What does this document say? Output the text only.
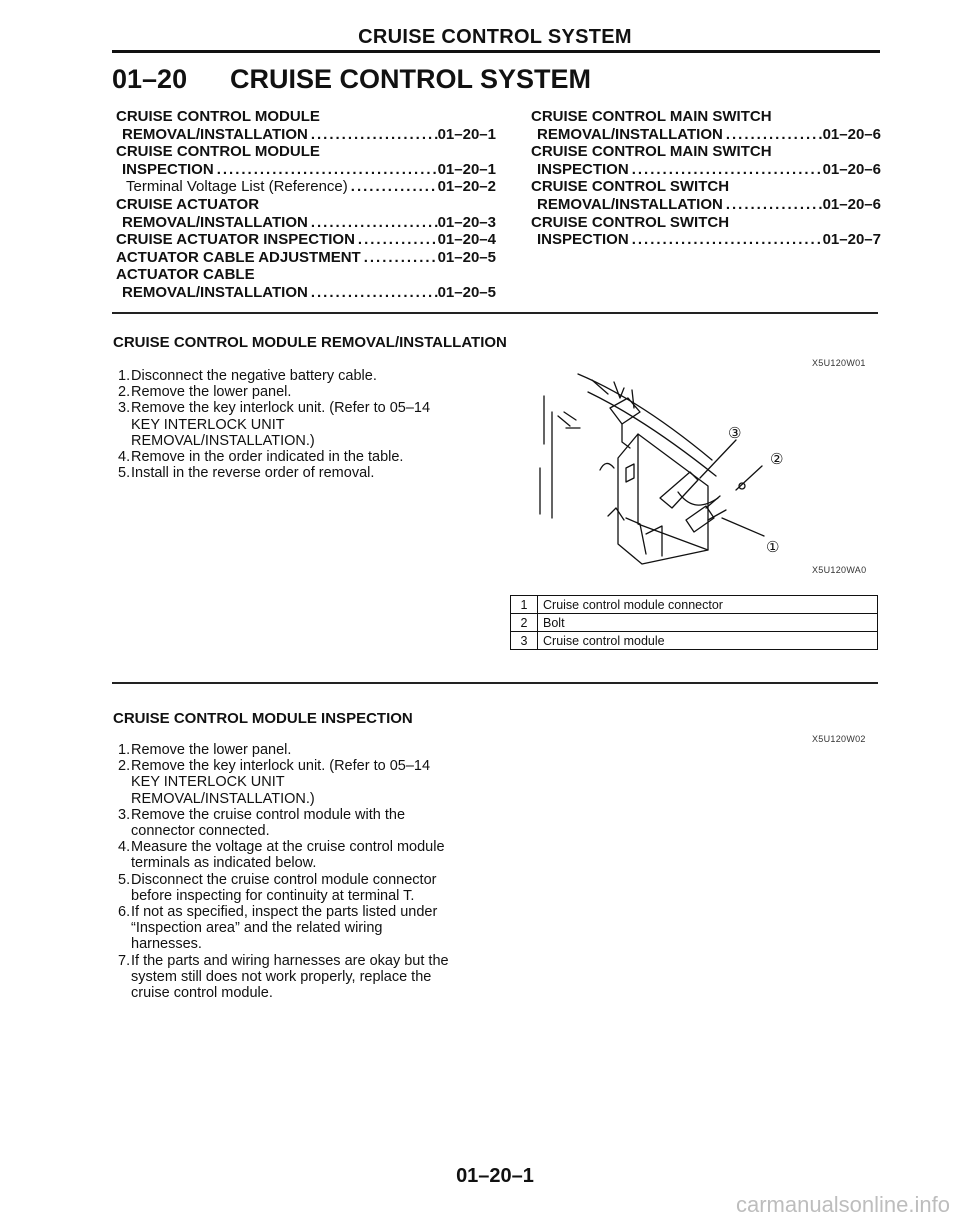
CRUISE CONTROL SYSTEM
01–20 CRUISE CONTROL SYSTEM
CRUISE CONTROL MODULE
REMOVAL/INSTALLATION .....	01–20–1
CRUISE CONTROL MODULE
INSPECTION .....	01–20–1
Terminal Voltage List (Reference) .....	01–20–2
CRUISE ACTUATOR
REMOVAL/INSTALLATION .....	01–20–3
CRUISE ACTUATOR INSPECTION .....	01–20–4
ACTUATOR CABLE ADJUSTMENT .....	01–20–5
ACTUATOR CABLE
REMOVAL/INSTALLATION .....	01–20–5
CRUISE CONTROL MAIN SWITCH
REMOVAL/INSTALLATION .....	01–20–6
CRUISE CONTROL MAIN SWITCH
INSPECTION .....	01–20–6
CRUISE CONTROL SWITCH
REMOVAL/INSTALLATION .....	01–20–6
CRUISE CONTROL SWITCH
INSPECTION .....	01–20–7
CRUISE CONTROL MODULE REMOVAL/INSTALLATION
X5U120W01
1. Disconnect the negative battery cable.
2. Remove the lower panel.
3. Remove the key interlock unit. (Refer to 05–14
KEY INTERLOCK UNIT
REMOVAL/INSTALLATION.)
4. Remove in the order indicated in the table.
5. Install in the reverse order of removal.
③
②
①
X5U120WA0
1	Cruise control module connector
2	Bolt
3	Cruise control module
CRUISE CONTROL MODULE INSPECTION
X5U120W02
1. Remove the lower panel.
2. Remove the key interlock unit. (Refer to 05–14
KEY INTERLOCK UNIT
REMOVAL/INSTALLATION.)
3. Remove the cruise control module with the
connector connected.
4. Measure the voltage at the cruise control module
terminals as indicated below.
5. Disconnect the cruise control module connector
before inspecting for continuity at terminal T.
6. If not as specified, inspect the parts listed under
“Inspection area” and the related wiring
harnesses.
7. If the parts and wiring harnesses are okay but the
system still does not work properly, replace the
cruise control module.
01–20–1
carmanualsonline.info
